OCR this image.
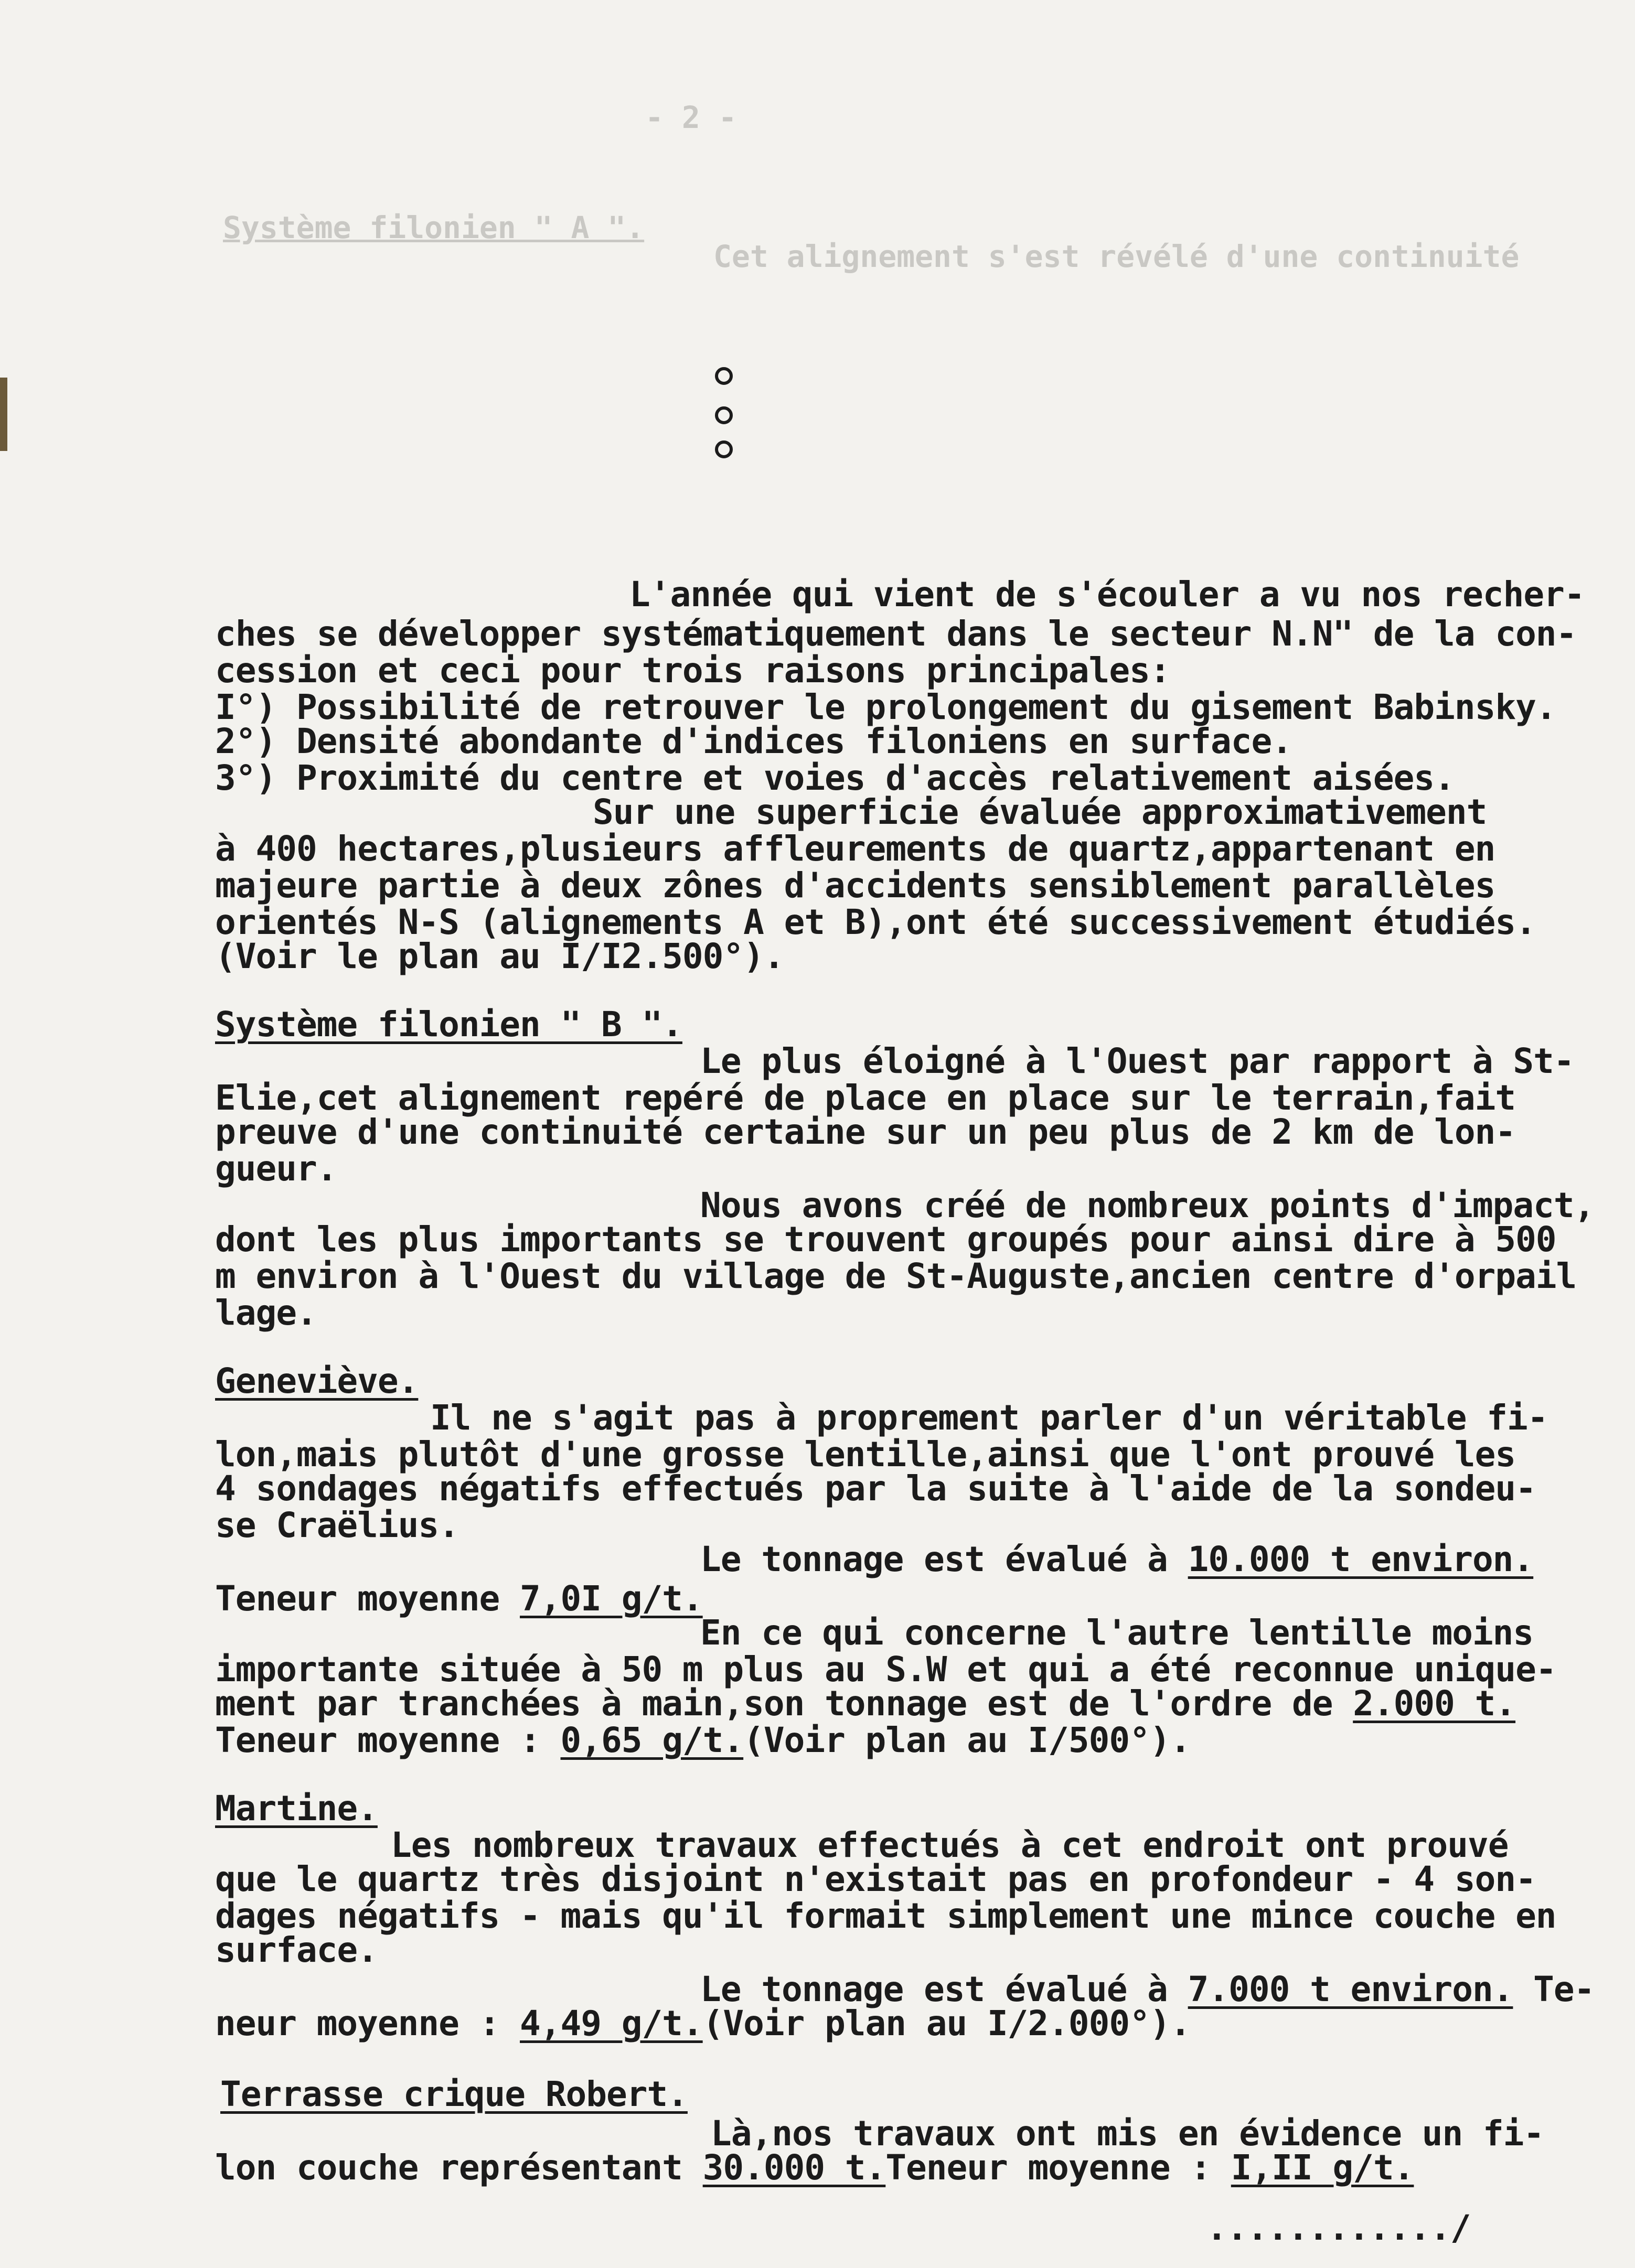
- 2 -
Système filonien " A ".
Cet alignement s'est révélé d'une continuité
L'année qui vient de s'écouler a vu nos recher-
ches se développer systématiquement dans le secteur N.N" de la con-
cession et ceci pour trois raisons principales:
I°) Possibilité de retrouver le prolongement du gisement Babinsky.
2°) Densité abondante d'indices filoniens en surface.
3°) Proximité du centre et voies d'accès relativement aisées.
Sur une superficie évaluée approximativement
à 400 hectares,plusieurs affleurements de quartz,appartenant en
majeure partie à deux zônes d'accidents sensiblement parallèles
orientés N-S (alignements A et B),ont été successivement étudiés.
(Voir le plan au I/I2.500°).
Système filonien " B ".
Le plus éloigné à l'Ouest par rapport à St-
Elie,cet alignement repéré de place en place sur le terrain,fait
preuve d'une continuité certaine sur un peu plus de 2 km de lon-
gueur.
Nous avons créé de nombreux points d'impact,
dont les plus importants se trouvent groupés pour ainsi dire à 500
m environ à l'Ouest du village de St-Auguste,ancien centre d'orpail
lage.
Geneviève.
Il ne s'agit pas à proprement parler d'un véritable fi-
lon,mais plutôt d'une grosse lentille,ainsi que l'ont prouvé les
4 sondages négatifs effectués par la suite à l'aide de la sondeu-
se Craëlius.
Le tonnage est évalué à 10.000 t environ.
Teneur moyenne 7,0I g/t.
En ce qui concerne l'autre lentille moins
importante située à 50 m plus au S.W et qui a été reconnue unique-
ment par tranchées à main,son tonnage est de l'ordre de 2.000 t.
Teneur moyenne : 0,65 g/t.(Voir plan au I/500°).
Martine.
Les nombreux travaux effectués à cet endroit ont prouvé
que le quartz très disjoint n'existait pas en profondeur - 4 son-
dages négatifs - mais qu'il formait simplement une mince couche en
surface.
Le tonnage est évalué à 7.000 t environ. Te-
neur moyenne : 4,49 g/t.(Voir plan au I/2.000°).
Terrasse crique Robert.
Là,nos travaux ont mis en évidence un fi-
lon couche représentant 30.000 t.Teneur moyenne : I,II g/t.
............/
